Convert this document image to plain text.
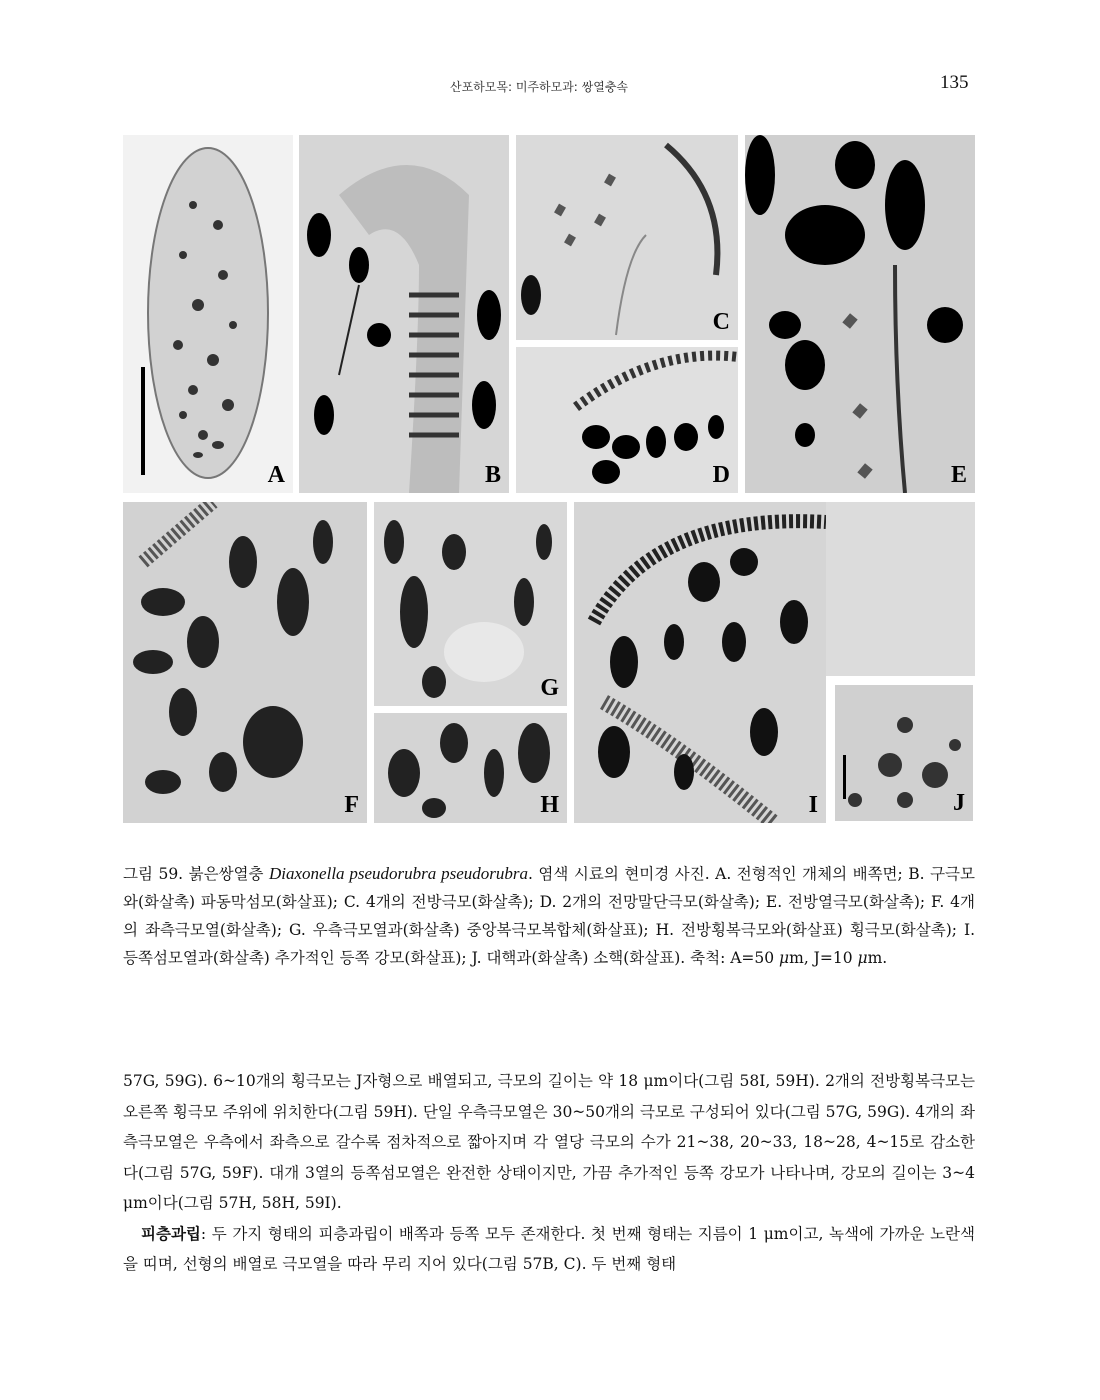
산포하모목: 미주하모과: 쌍열충속	135
A	B
C
D	E
F
G
H	I	J
그림 59. 붉은쌍열충 Diaxonella pseudorubra pseudorubra. 염색 시료의 현미경 사진. A. 전형적인 개체의 배쪽면; B. 구극모와(화살촉) 파동막섬모(화살표); C. 4개의 전방극모(화살촉); D. 2개의 전망말단극모(화살촉); E. 전방열극모(화살촉); F. 4개의 좌측극모열(화살촉); G. 우측극모열과(화살촉) 중앙복극모복합체(화살표); H. 전방횡복극모와(화살표) 횡극모(화살촉); I. 등쪽섬모열과(화살촉) 추가적인 등쪽 강모(화살표); J. 대핵과(화살촉) 소핵(화살표). 축척: A=50 μm, J=10 μm.

57G, 59G). 6~10개의 횡극모는 J자형으로 배열되고, 극모의 길이는 약 18 μm이다(그림 58I, 59H). 2개의 전방횡복극모는 오른쪽 횡극모 주위에 위치한다(그림 59H). 단일 우측극모열은 30~50개의 극모로 구성되어 있다(그림 57G, 59G). 4개의 좌측극모열은 우측에서 좌측으로 갈수록 점차적으로 짧아지며 각 열당 극모의 수가 21~38, 20~33, 18~28, 4~15로 감소한다(그림 57G, 59F). 대개 3열의 등쪽섬모열은 완전한 상태이지만, 가끔 추가적인 등쪽 강모가 나타나며, 강모의 길이는 3~4 μm이다(그림 57H, 58H, 59I).

피층과립: 두 가지 형태의 피층과립이 배쪽과 등쪽 모두 존재한다. 첫 번째 형태는 지름이 1 μm이고, 녹색에 가까운 노란색을 띠며, 선형의 배열로 극모열을 따라 무리 지어 있다(그림 57B, C). 두 번째 형태
